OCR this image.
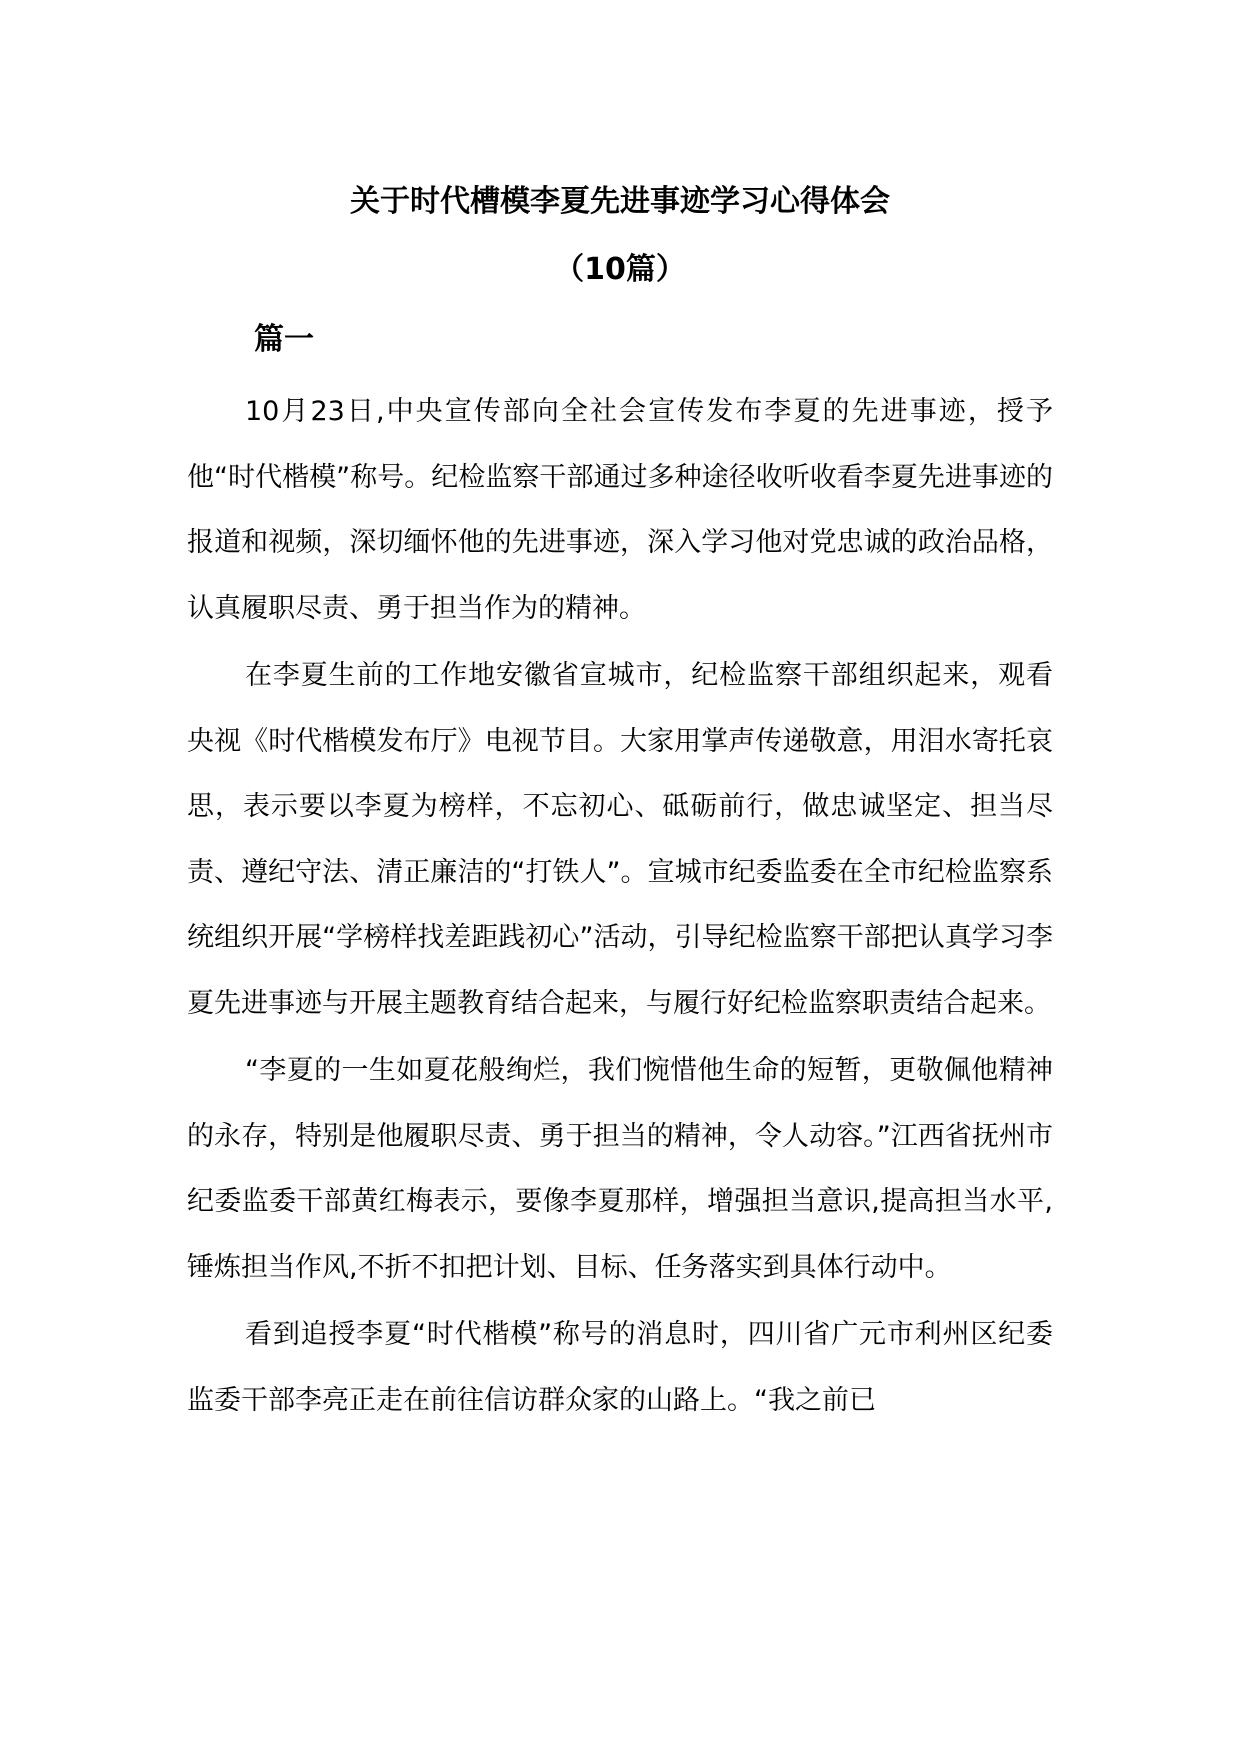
关于时代槽模李夏先进事迹学习心得体会
（10篇）
篇一

10月23日,中央宣传部向全社会宣传发布李夏的先进事迹，授予他“时代楷模”称号。纪检监察干部通过多种途径收听收看李夏先进事迹的报道和视频，深切缅怀他的先进事迹，深入学习他对党忠诚的政治品格，认真履职尽责、勇于担当作为的精神。

在李夏生前的工作地安徽省宣城市，纪检监察干部组织起来，观看央视《时代楷模发布厅》电视节目。大家用掌声传递敬意，用泪水寄托哀思，表示要以李夏为榜样，不忘初心、砥砺前行，做忠诚坚定、担当尽责、遵纪守法、清正廉洁的“打铁人”。宣城市纪委监委在全市纪检监察系统组织开展“学榜样找差距践初心”活动，引导纪检监察干部把认真学习李夏先进事迹与开展主题教育结合起来，与履行好纪检监察职责结合起来。

“李夏的一生如夏花般绚烂，我们惋惜他生命的短暂，更敬佩他精神的永存，特别是他履职尽责、勇于担当的精神，令人动容。”江西省抚州市纪委监委干部黄红梅表示，要像李夏那样，增强担当意识,提高担当水平,锤炼担当作风,不折不扣把计划、目标、任务落实到具体行动中。

看到追授李夏“时代楷模”称号的消息时，四川省广元市利州区纪委监委干部李亮正走在前往信访群众家的山路上。“我之前已
